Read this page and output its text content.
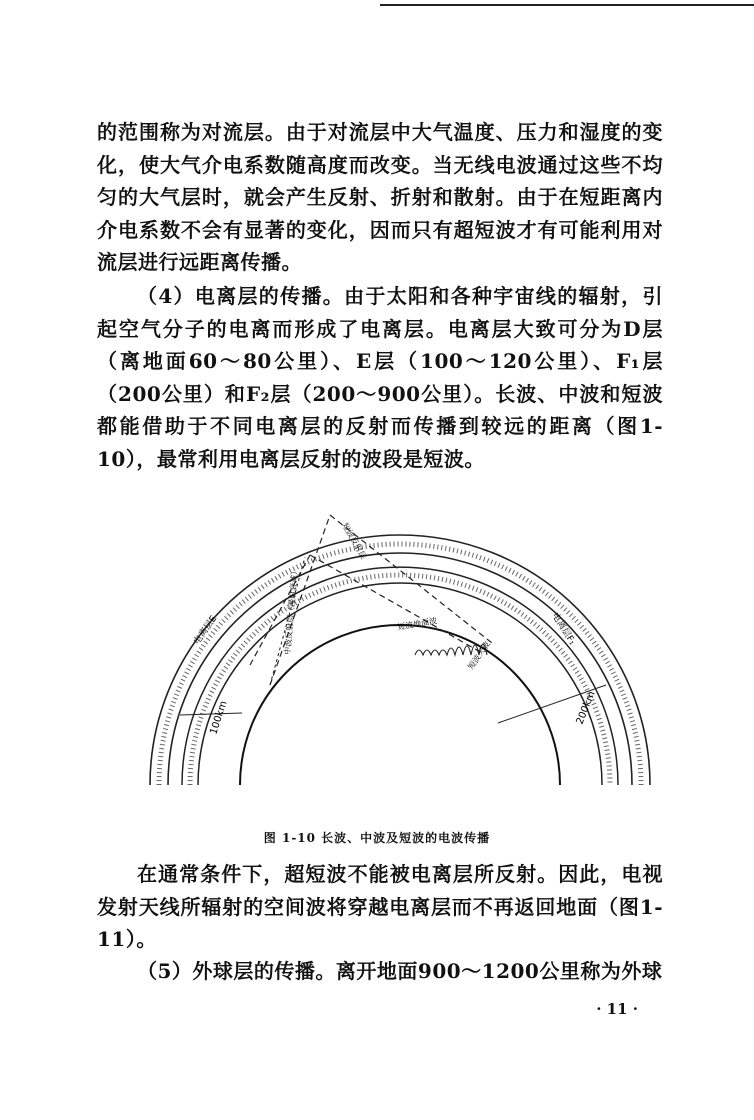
的范围称为对流层。由于对流层中大气温度、压力和湿度的变化，使大气介电系数随高度而改变。当无线电波通过这些不均匀的大气层时，就会产生反射、折射和散射。由于在短距离内介电系数不会有显著的变化，因而只有超短波才有可能利用对流层进行远距离传播。

（4）电离层的传播。由于太阳和各种宇宙线的辐射，引起空气分子的电离而形成了电离层。电离层大致可分为D层（离地面60～80公里）、E层（100～120公里）、F₁层（200公里）和F₂层（200～900公里）。长波、中波和短波都能借助于不同电离层的反射而传播到较远的距离（图1-10），最常利用电离层反射的波段是短波。

电离层E	电离层F₁
100km	200km
中波反射层（漫射衰减）
短波反射层
短波地面波
短波天波
图 1-10 长波、中波及短波的电波传播

在通常条件下，超短波不能被电离层所反射。因此，电视发射天线所辐射的空间波将穿越电离层而不再返回地面（图1-11）。

（5）外球层的传播。离开地面900～1200公里称为外球

· 11 ·
